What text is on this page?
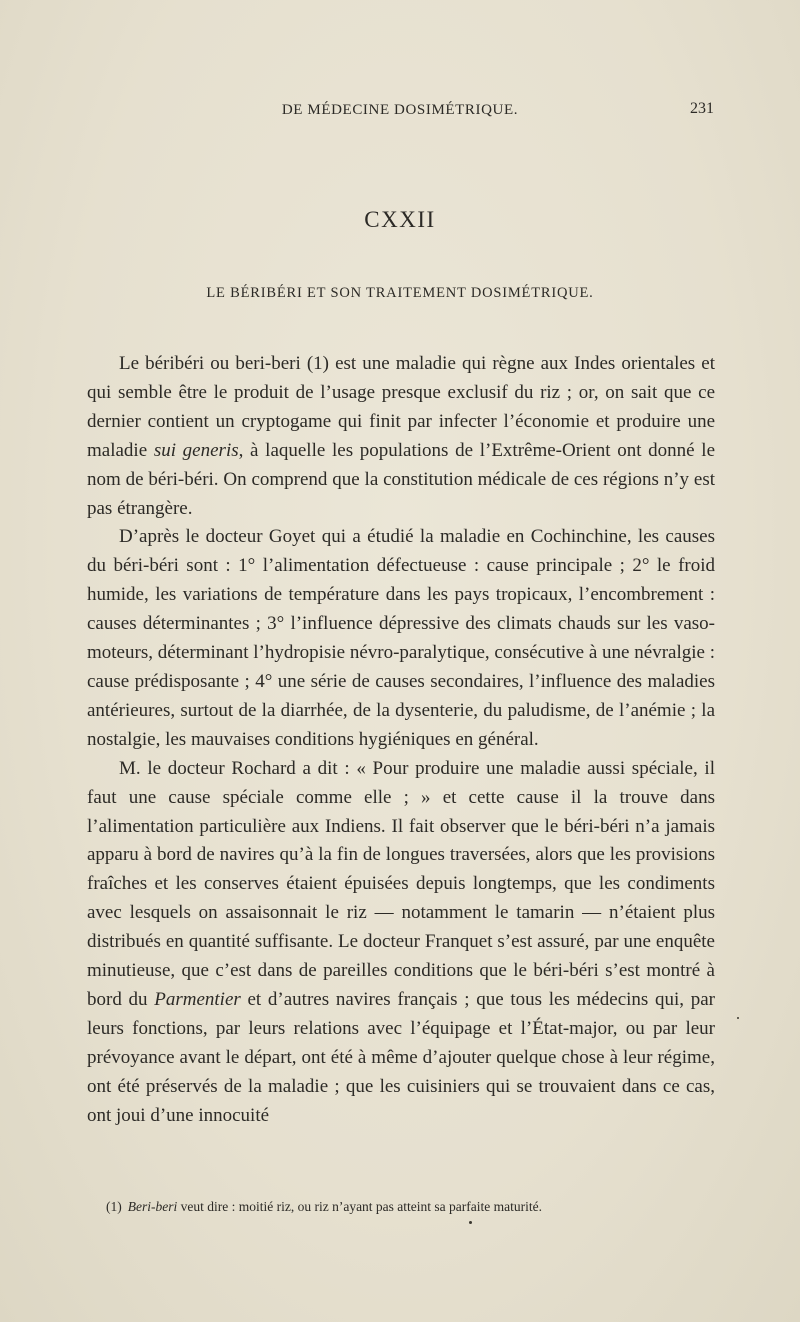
DE MÉDECINE DOSIMÉTRIQUE.	231
CXXII
LE BÉRIBÉRI ET SON TRAITEMENT DOSIMÉTRIQUE.

Le béribéri ou beri-beri (1) est une maladie qui règne aux Indes orientales et qui semble être le produit de l’usage presque exclusif du riz ; or, on sait que ce dernier contient un cryptogame qui finit par infecter l’économie et produire une maladie sui generis, à laquelle les populations de l’Extrême-Orient ont donné le nom de béri-béri. On comprend que la constitution médicale de ces régions n’y est pas étrangère.

D’après le docteur Goyet qui a étudié la maladie en Cochinchine, les causes du béri-béri sont : 1° l’alimentation défectueuse : cause principale ; 2° le froid humide, les variations de température dans les pays tropicaux, l’encombrement : causes déterminantes ; 3° l’influence dépressive des climats chauds sur les vaso-moteurs, déterminant l’hydropisie névro-paralytique, consécutive à une névralgie : cause prédisposante ; 4° une série de causes secondaires, l’influence des maladies antérieures, surtout de la diarrhée, de la dysenterie, du paludisme, de l’anémie ; la nostalgie, les mauvaises conditions hygiéniques en général.

M. le docteur Rochard a dit : « Pour produire une maladie aussi spéciale, il faut une cause spéciale comme elle ; » et cette cause il la trouve dans l’alimentation particulière aux Indiens. Il fait observer que le béri-béri n’a jamais apparu à bord de navires qu’à la fin de longues traversées, alors que les provisions fraîches et les conserves étaient épuisées depuis longtemps, que les condiments avec lesquels on assaisonnait le riz — notamment le tamarin — n’étaient plus distribués en quantité suffisante. Le docteur Franquet s’est assuré, par une enquête minutieuse, que c’est dans de pareilles conditions que le béri-béri s’est montré à bord du Parmentier et d’autres navires français ; que tous les médecins qui, par leurs fonctions, par leurs relations avec l’équipage et l’État-major, ou par leur prévoyance avant le départ, ont été à même d’ajouter quelque chose à leur régime, ont été préservés de la maladie ; que les cuisiniers qui se trouvaient dans ce cas, ont joui d’une innocuité

(1) Beri-beri veut dire : moitié riz, ou riz n’ayant pas atteint sa parfaite maturité.
